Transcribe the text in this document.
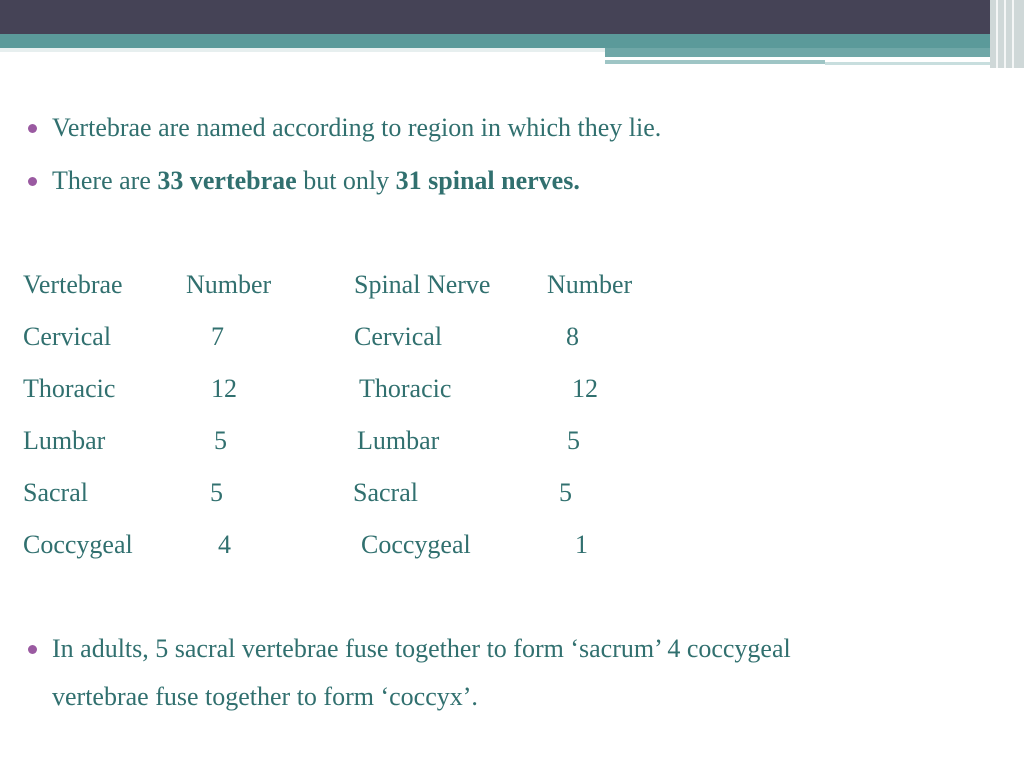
Vertebrae are named according to region in which they lie.
There are 33 vertebrae but only 31 spinal nerves.
Vertebrae Number	Spinal Nerve Number
Cervical	7	Cervical	8
Thoracic	12	Thoracic	12
Lumbar	5	Lumbar	5
Sacral	5	Sacral	5
Coccygeal	4	Coccygeal	1
In adults, 5 sacral vertebrae fuse together to form ‘sacrum’ 4 coccygeal
vertebrae fuse together to form ‘coccyx’.
